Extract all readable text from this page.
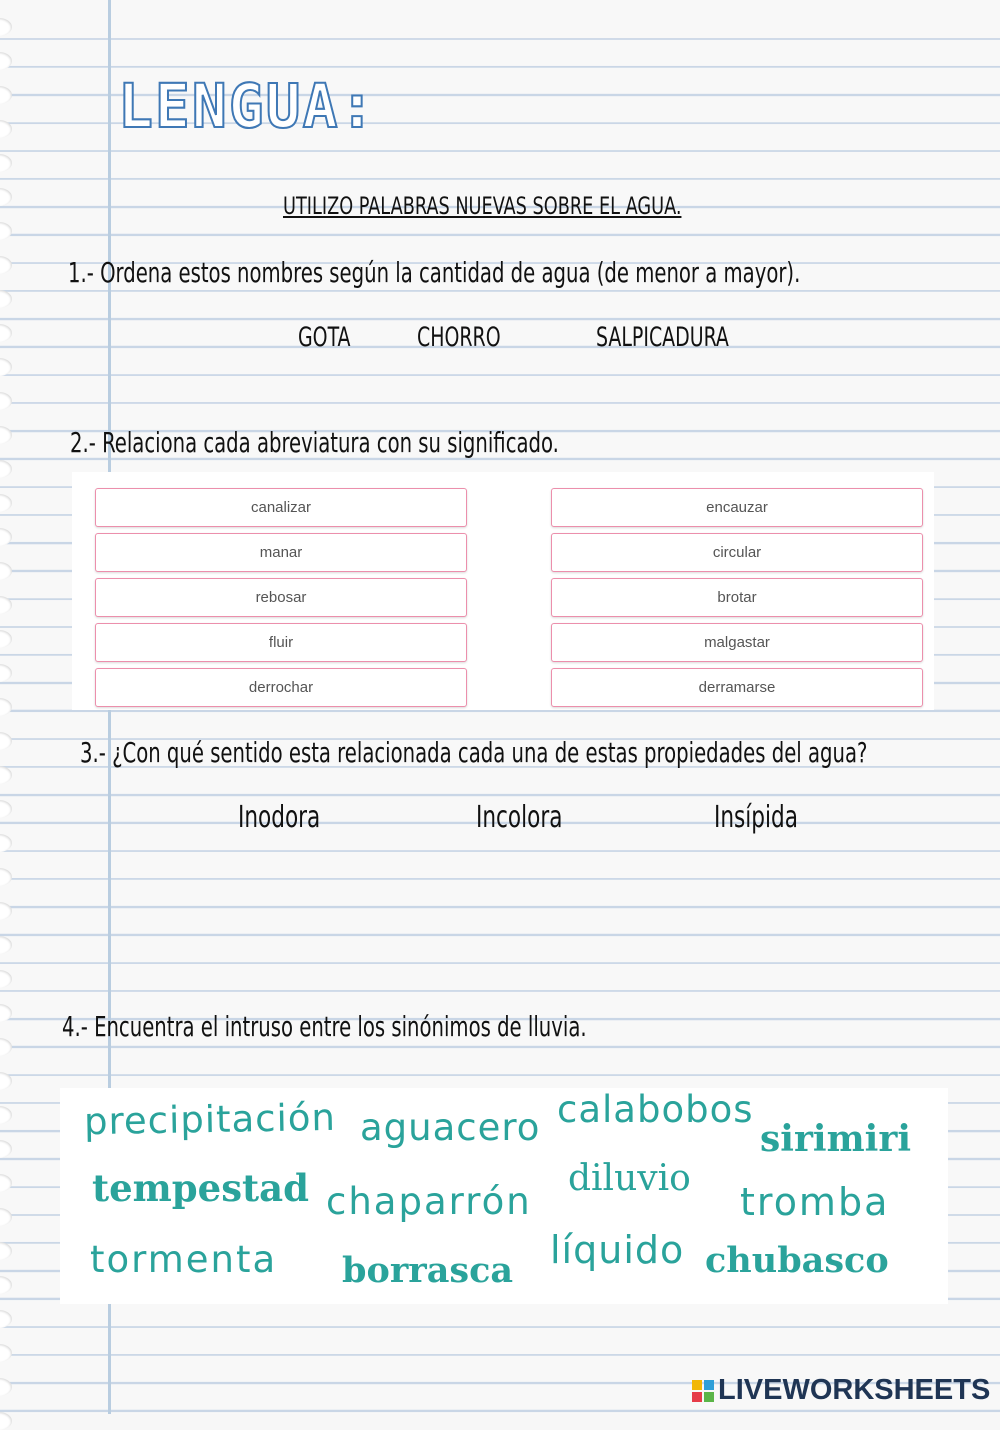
LENGUA:
UTILIZO PALABRAS NUEVAS SOBRE EL AGUA.
1.- Ordena estos nombres según la cantidad de agua (de menor a mayor).
GOTA CHORRO	SALPICADURA
2.- Relaciona cada abreviatura con su significado.
canalizar
manar
rebosar
fluir
derrochar
encauzar
circular
brotar
malgastar
derramarse
3.- ¿Con qué sentido esta relacionada cada una de estas propiedades del agua?
Inodora	Incolora	Insípida
4.- Encuentra el intruso entre los sinónimos de lluvia.
precipitación aguacero calabobos
sirimiri
tempestad chaparrón
diluvio
tromba
tormenta borrasca líquido chubasco
LIVEWORKSHEETS
